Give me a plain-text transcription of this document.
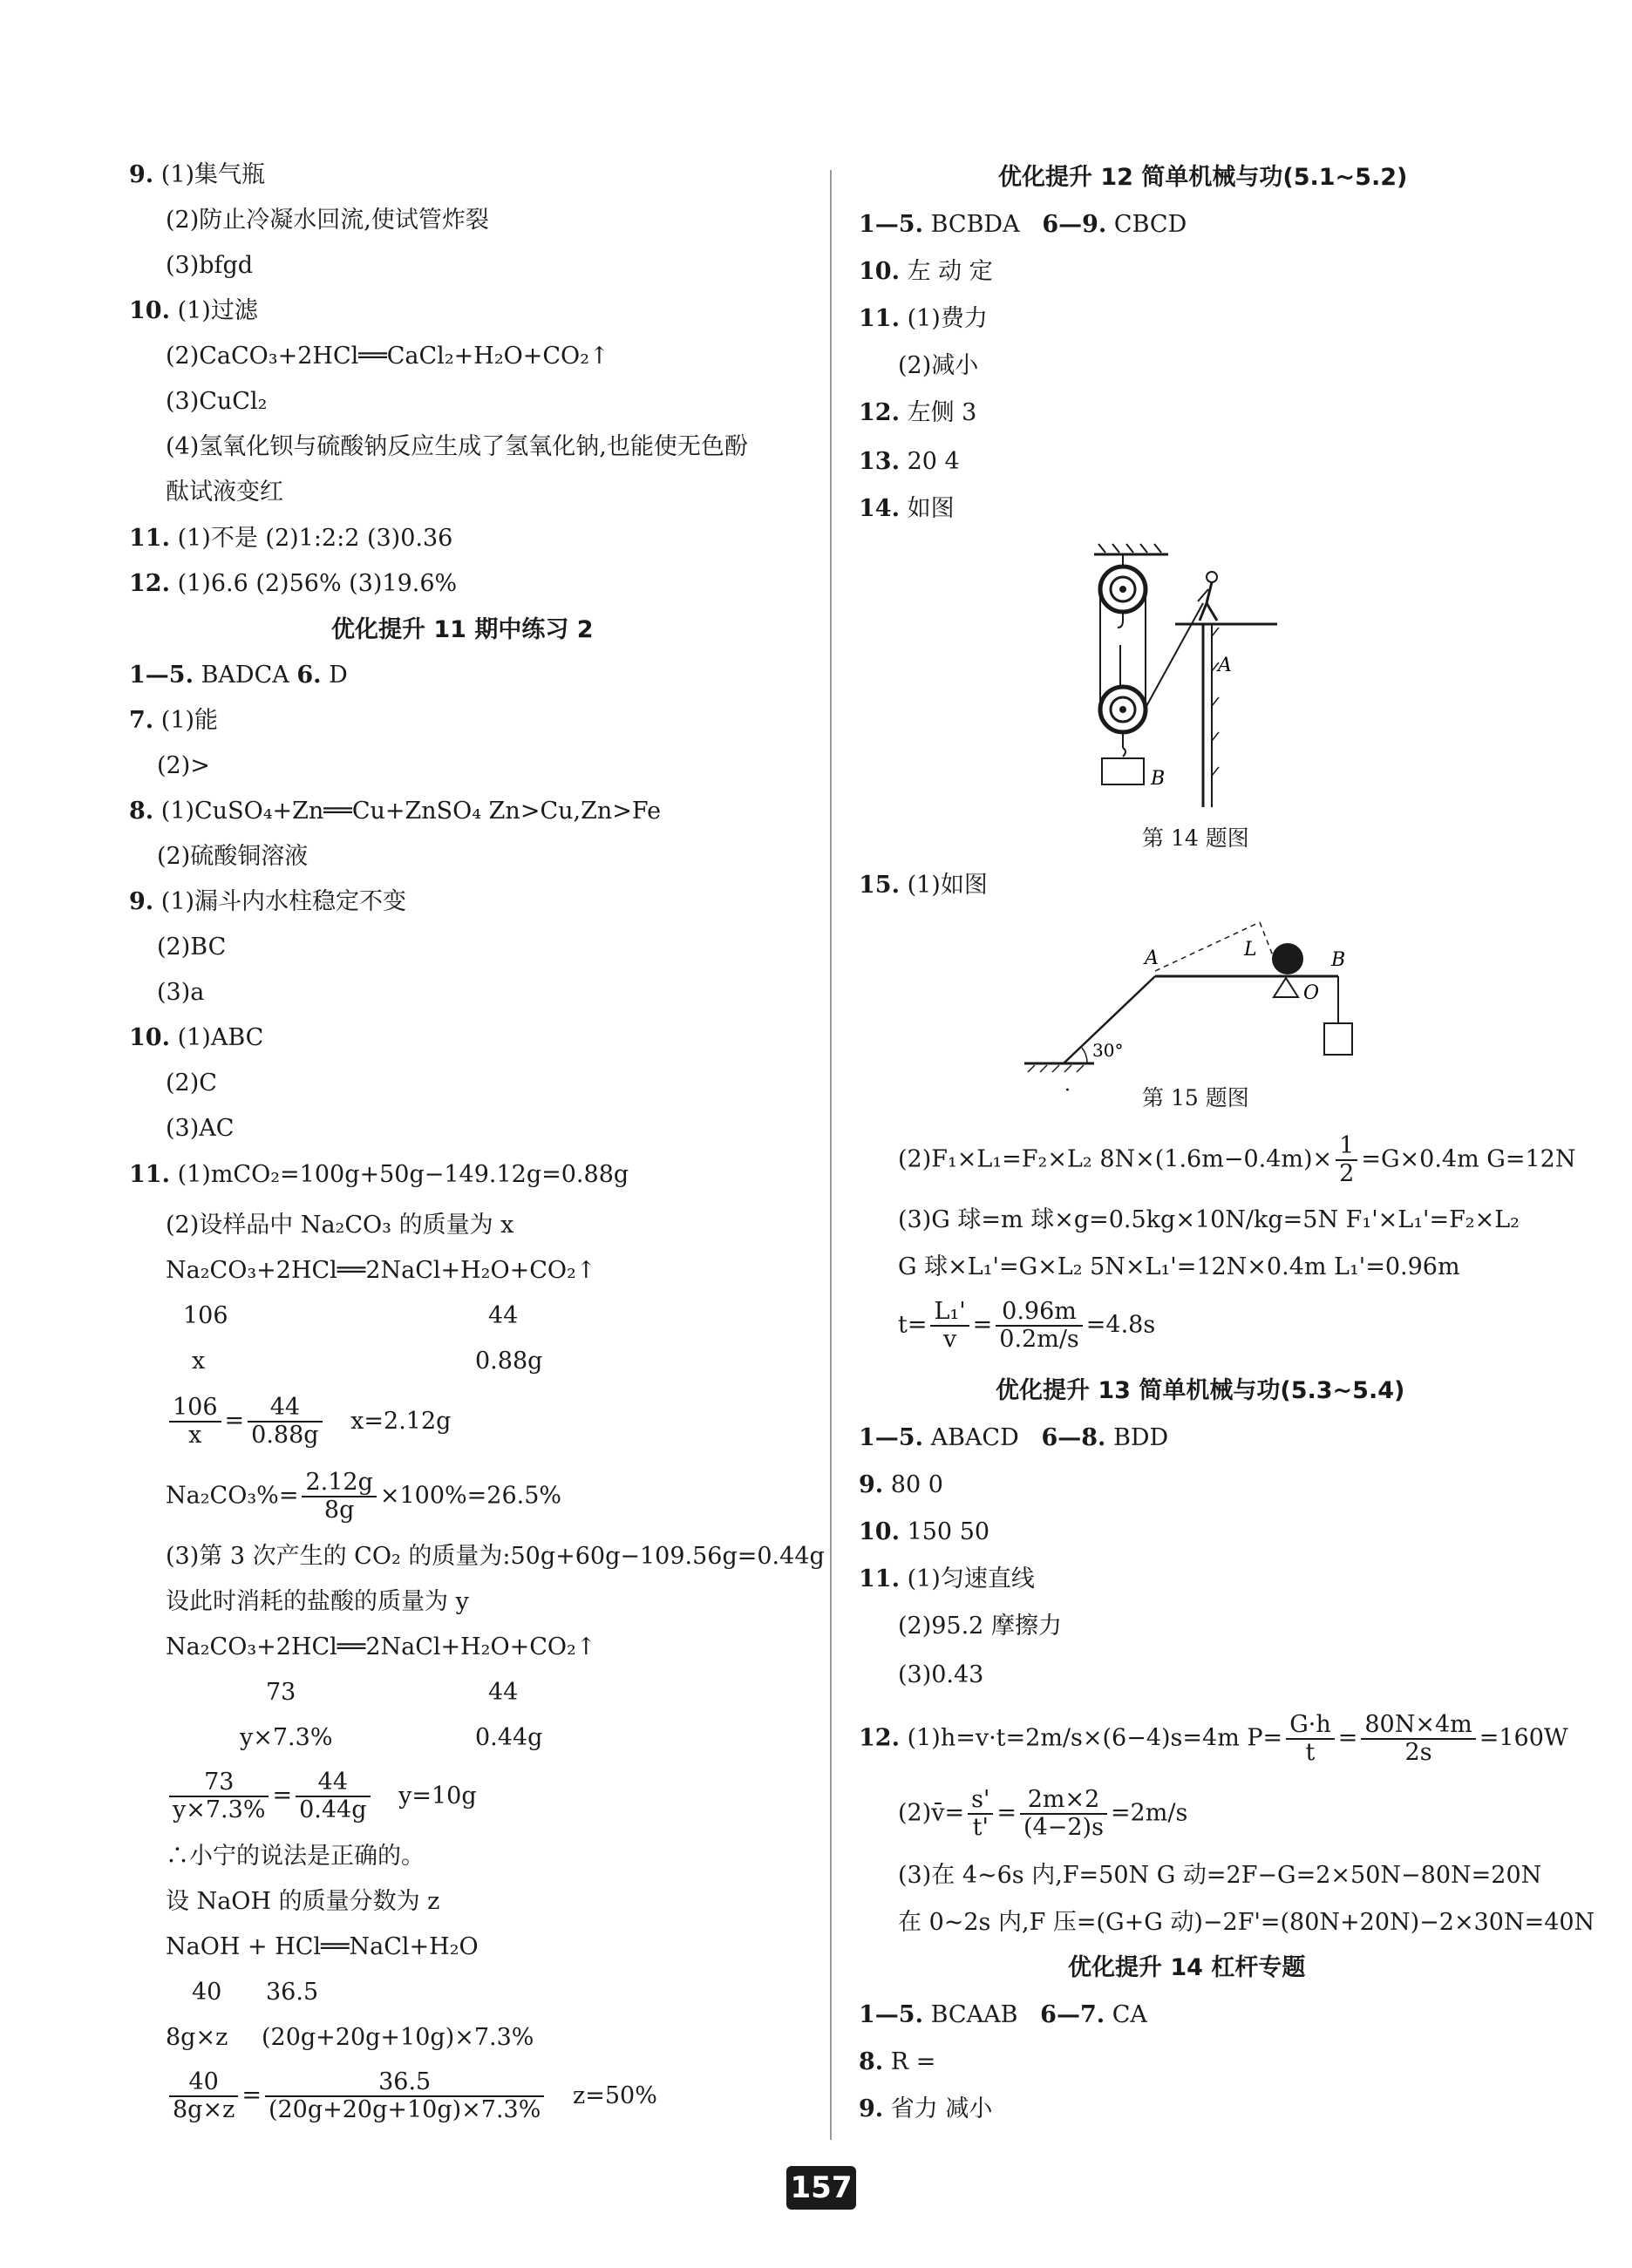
9. (1)集气瓶
(2)防止冷凝水回流,使试管炸裂
(3)bfgd
10. (1)过滤
(2)CaCO₃+2HCl══CaCl₂+H₂O+CO₂↑
(3)CuCl₂
(4)氢氧化钡与硫酸钠反应生成了氢氧化钠,也能使无色酚
酞试液变红
11. (1)不是 (2)1:2:2 (3)0.36
12. (1)6.6 (2)56% (3)19.6%
优化提升 11 期中练习 2
1—5. BADCA 6. D
7. (1)能
(2)>
8. (1)CuSO₄+Zn══Cu+ZnSO₄ Zn>Cu,Zn>Fe
(2)硫酸铜溶液
9. (1)漏斗内水柱稳定不变
(2)BC
(3)a
10. (1)ABC
(2)C
(3)AC
11. (1)mCO₂=100g+50g−149.12g=0.88g
(2)设样品中 Na₂CO₃ 的质量为 x
Na₂CO₃+2HCl══2NaCl+H₂O+CO₂↑
106	44
x	0.88g
$\frac{106}{x} = \frac{44}{0.88g} x=2.12g$
$Na_2CO_3\%= \frac{2.12g}{8g} \times 100\%=26.5\%$
(3)第 3 次产生的 CO₂ 的质量为:50g+60g−109.56g=0.44g
设此时消耗的盐酸的质量为 y
Na₂CO₃+2HCl══2NaCl+H₂O+CO₂↑
73	44
y×7.3%	0.44g
$\frac{73}{y\times 7.3\%} = \frac{44}{0.44g} y=10g$
∴小宁的说法是正确的。
设 NaOH 的质量分数为 z
NaOH + HCl══NaCl+H₂O
40 36.5
8g×z (20g+20g+10g)×7.3%
$\frac{40}{8g\times z} = \frac{36.5}{(20g+20g+10g)\times 7.3\%} z=50\%$
优化提升 12 简单机械与功(5.1~5.2)
1—5. BCBDA 6—9. CBCD
10. 左 动 定
11. (1)费力
(2)减小
12. 左侧 3
13. 20 4
14. 如图
A
B
第 14 题图
15. (1)如图
30°
A	L	B
O
·	第 15 题图
(2)F₁×L₁=F₂×L₂ $8N\times(1.6m-0.4m)\times \frac{1}{2} =G\times 0.4m$ G=12N
(3)G 球=m 球×g=0.5kg×10N/kg=5N F₁'×L₁'=F₂×L₂
G 球×L₁'=G×L₂ 5N×L₁'=12N×0.4m L₁'=0.96m
$t= \frac{\text{L₁'}}{v} = \frac{0.96m}{0.2m/s} =4.8s$
优化提升 13 简单机械与功(5.3~5.4)
1—5. ABACD 6—8. BDD
9. 80 0
10. 150 50
11. (1)匀速直线
(2)95.2 摩擦力
(3)0.43
12. (1)h=v·t=2m/s×(6−4)s=4m $P= \frac{G\cdot h}{t} = \frac{80N\times 4m}{2s} =160W$
(2)v̄= $\frac{s'}{t'} = \frac{2m\times 2}{(4-2)s} =2m/s$
(3)在 4~6s 内,F=50N G 动=2F−G=2×50N−80N=20N
在 0~2s 内,F 压=(G+G 动)−2F'=(80N+20N)−2×30N=40N
优化提升 14 杠杆专题
1—5. BCAAB 6—7. CA
8. R =
9. 省力 减小
157
